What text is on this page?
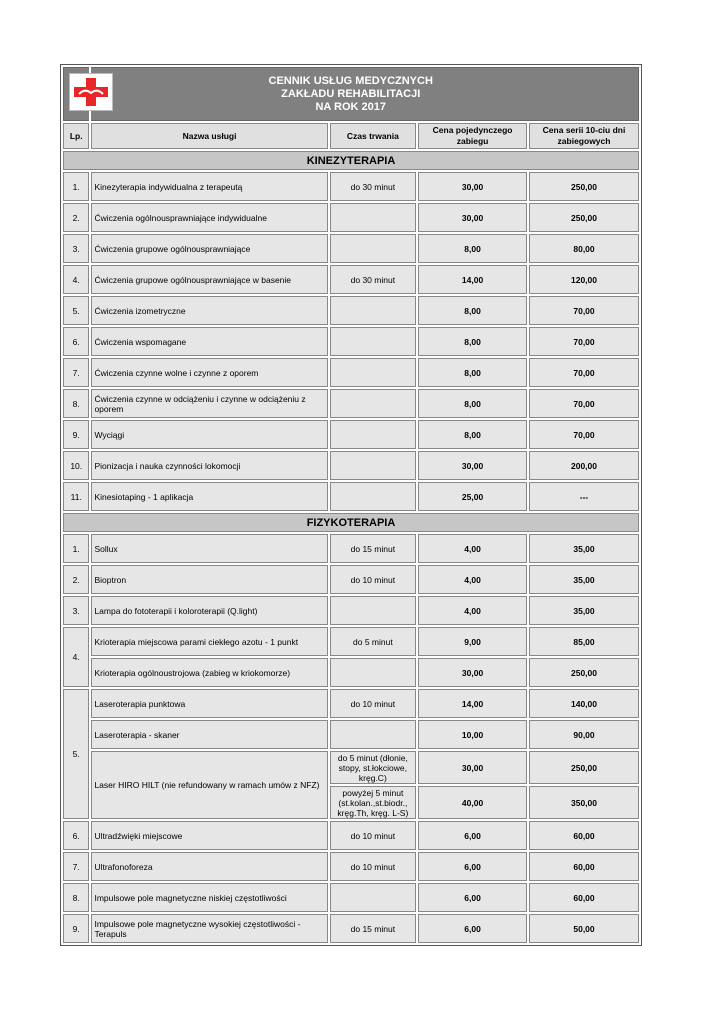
	CENNIK USŁUG MEDYCZNYCH
ZAKŁADU REHABILITACJI
NA ROK 2017			

Lp.	Nazwa usługi	Czas trwania	Cena pojedynczego zabiegu	Cena serii 10-ciu dni zabiegowych
KINEZYTERAPIA				
1.	Kinezyterapia indywidualna z terapeutą	do 30 minut	30,00	250,00
2.	Ćwiczenia ogólnousprawniające indywidualne		30,00	250,00
3.	Ćwiczenia grupowe ogólnousprawniające		8,00	80,00
4.	Ćwiczenia grupowe ogólnousprawniające w basenie	do 30 minut	14,00	120,00
5.	Ćwiczenia izometryczne		8,00	70,00
6.	Ćwiczenia wspomagane		8,00	70,00
7.	Ćwiczenia czynne wolne i czynne z oporem		8,00	70,00
8.	Ćwiczenia czynne w odciążeniu i czynne w odciążeniu z oporem		8,00	70,00
9.	Wyciągi		8,00	70,00
10.	Pionizacja i nauka czynności lokomocji		30,00	200,00
11.	Kinesiotaping - 1 aplikacja		25,00	---
FIZYKOTERAPIA				
1.	Sollux	do 15 minut	4,00	35,00
2.	Bioptron	do 10 minut	4,00	35,00
3.	Lampa do fototerapii i koloroterapii (Q.light)		4,00	35,00
4.	Krioterapia miejscowa parami ciekłego azotu - 1 punkt	do 5 minut	9,00	85,00
	Krioterapia ogólnoustrojowa (zabieg w kriokomorze)		30,00	250,00
5.	Laseroterapia punktowa	do 10 minut	14,00	140,00
	Laseroterapia - skaner		10,00	90,00
	Laser HIRO HILT (nie refundowany w ramach umów z NFZ)	do 5 minut (dłonie, stopy, st.łokciowe, kręg.C)	30,00	250,00
		powyżej 5 minut (st.kolan.,st.biodr., kręg.Th, kręg. L-S)	40,00	350,00
6.	Ultradźwięki miejscowe	do 10 minut	6,00	60,00
7.	Ultrafonoforeza	do 10 minut	6,00	60,00
8.	Impulsowe pole magnetyczne niskiej częstotliwości		6,00	60,00
9.	Impulsowe pole magnetyczne wysokiej częstotliwości - Terapuls	do 15 minut	6,00	50,00
